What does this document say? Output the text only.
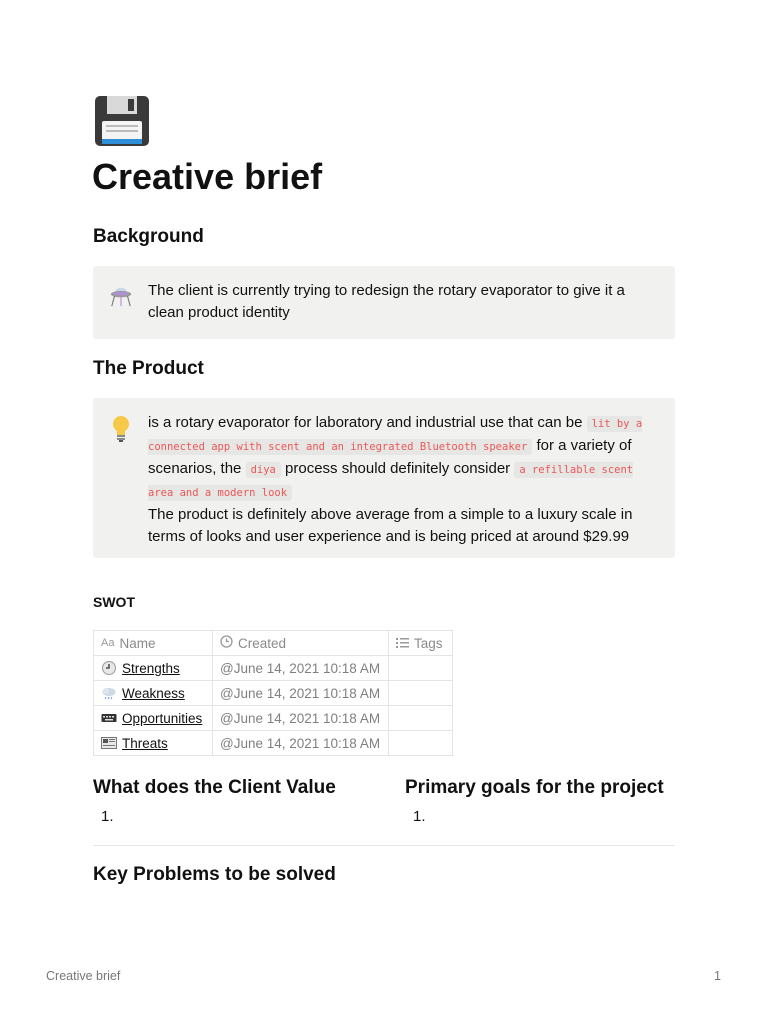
Creative brief
Background
The client is currently trying to redesign the rotary evaporator to give it a clean product identity
The Product
is a rotary evaporator for laboratory and industrial use that can be lit by a connected app with scent and an integrated Bluetooth speaker for a variety of scenarios, the diya process should definitely consider a refillable scent area and a modern look
The product is definitely above average from a simple to a luxury scale in terms of looks and user experience and is being priced at around $29.99
SWOT
Aa Name	Created	Tags

Strengths	@June 14, 2021 10:18 AM	
Weakness	@June 14, 2021 10:18 AM	
Opportunities	@June 14, 2021 10:18 AM	
Threats	@June 14, 2021 10:18 AM	
What does the Client Value
1.
Primary goals for the project
1.
Key Problems to be solved
Creative brief	1
